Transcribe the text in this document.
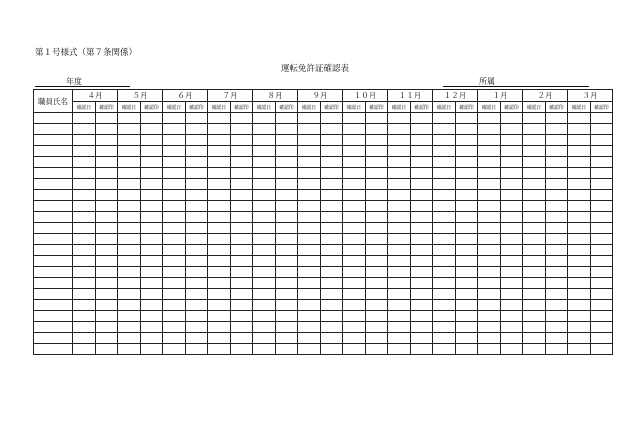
第１号様式（第７条関係）
運転免許証確認表
年度	所属
職員氏名	４月		５月		６月		７月		８月		９月		１０月		１１月		１２月		１月		２月		３月	
	確認日	確認印	確認日	確認印	確認日	確認印	確認日	確認印	確認日	確認印	確認日	確認印	確認日	確認印	確認日	確認印	確認日	確認印	確認日	確認印	確認日	確認印	確認日	確認印
